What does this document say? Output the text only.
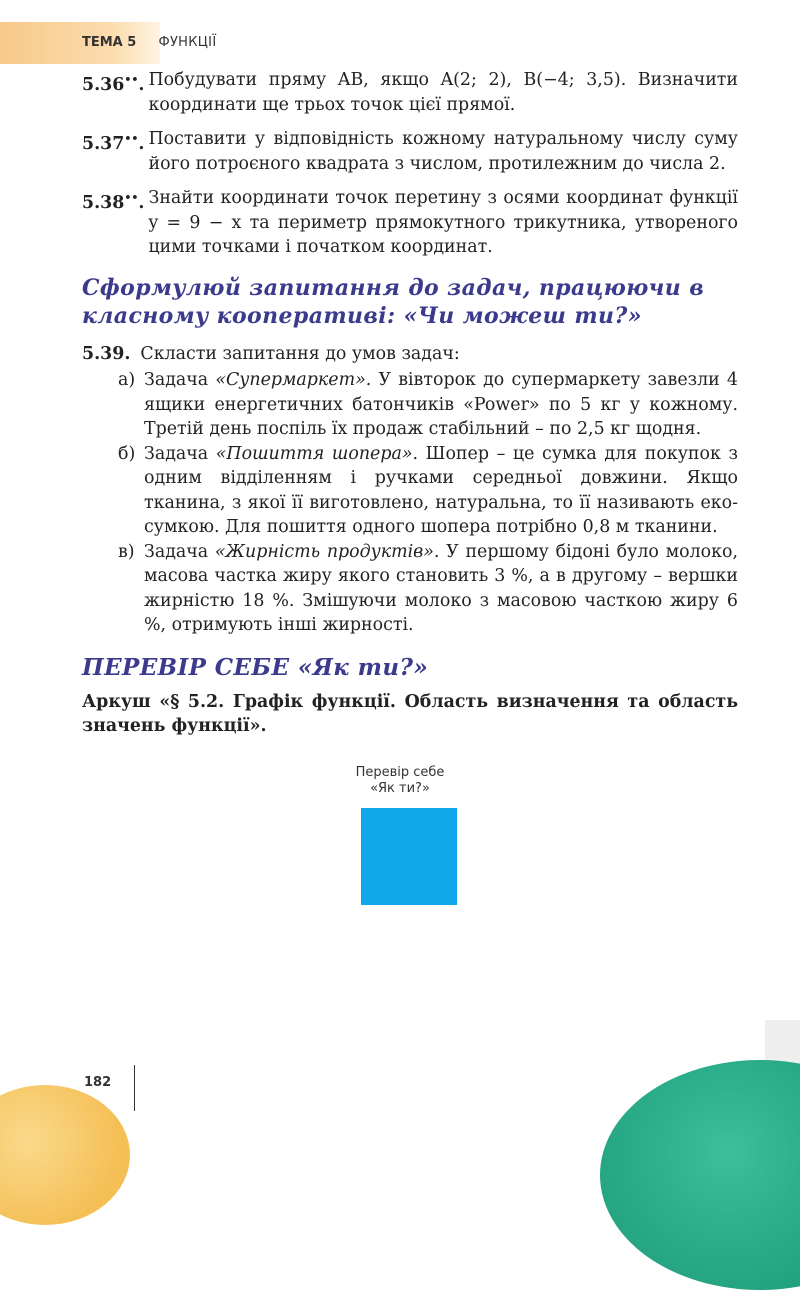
ТЕМА 5 ФУНКЦІЇ
5.36••. Побудувати пряму AB, якщо A(2; 2), B(−4; 3,5). Визначити координати ще трьох точок цієї прямої.
5.37••. Поставити у відповідність кожному натуральному числу суму його потроєного квадрата з числом, протилежним до числа 2.
5.38••. Знайти координати точок перетину з осями координат функції y = 9 − x та периметр прямокутного трикутника, утвореного цими точками і початком координат.
Сформулюй запитання до задач, працюючи в класному кооперативі: «Чи можеш ти?»
5.39. Скласти запитання до умов задач:
а) Задача «Супермаркет». У вівторок до супермаркету завезли 4 ящики енергетичних батончиків «Power» по 5 кг у кожному. Третій день поспіль їх продаж стабільний – по 2,5 кг щодня.
б) Задача «Пошиття шопера». Шопер – це сумка для покупок з одним відділенням і ручками середньої довжини. Якщо тканина, з якої її виготовлено, натуральна, то її називають еко-сумкою. Для пошиття одного шопера потрібно 0,8 м тканини.
в) Задача «Жирність продуктів». У першому бідоні було молоко, масова частка жиру якого становить 3 %, а в другому – вершки жирністю 18 %. Змішуючи молоко з масовою часткою жиру 6 %, отримують інші жирності.
ПЕРЕВІР СЕБЕ «Як ти?»
Аркуш «§ 5.2. Графік функції. Область визначення та область значень функції».
Перевір себе
«Як ти?»
182
